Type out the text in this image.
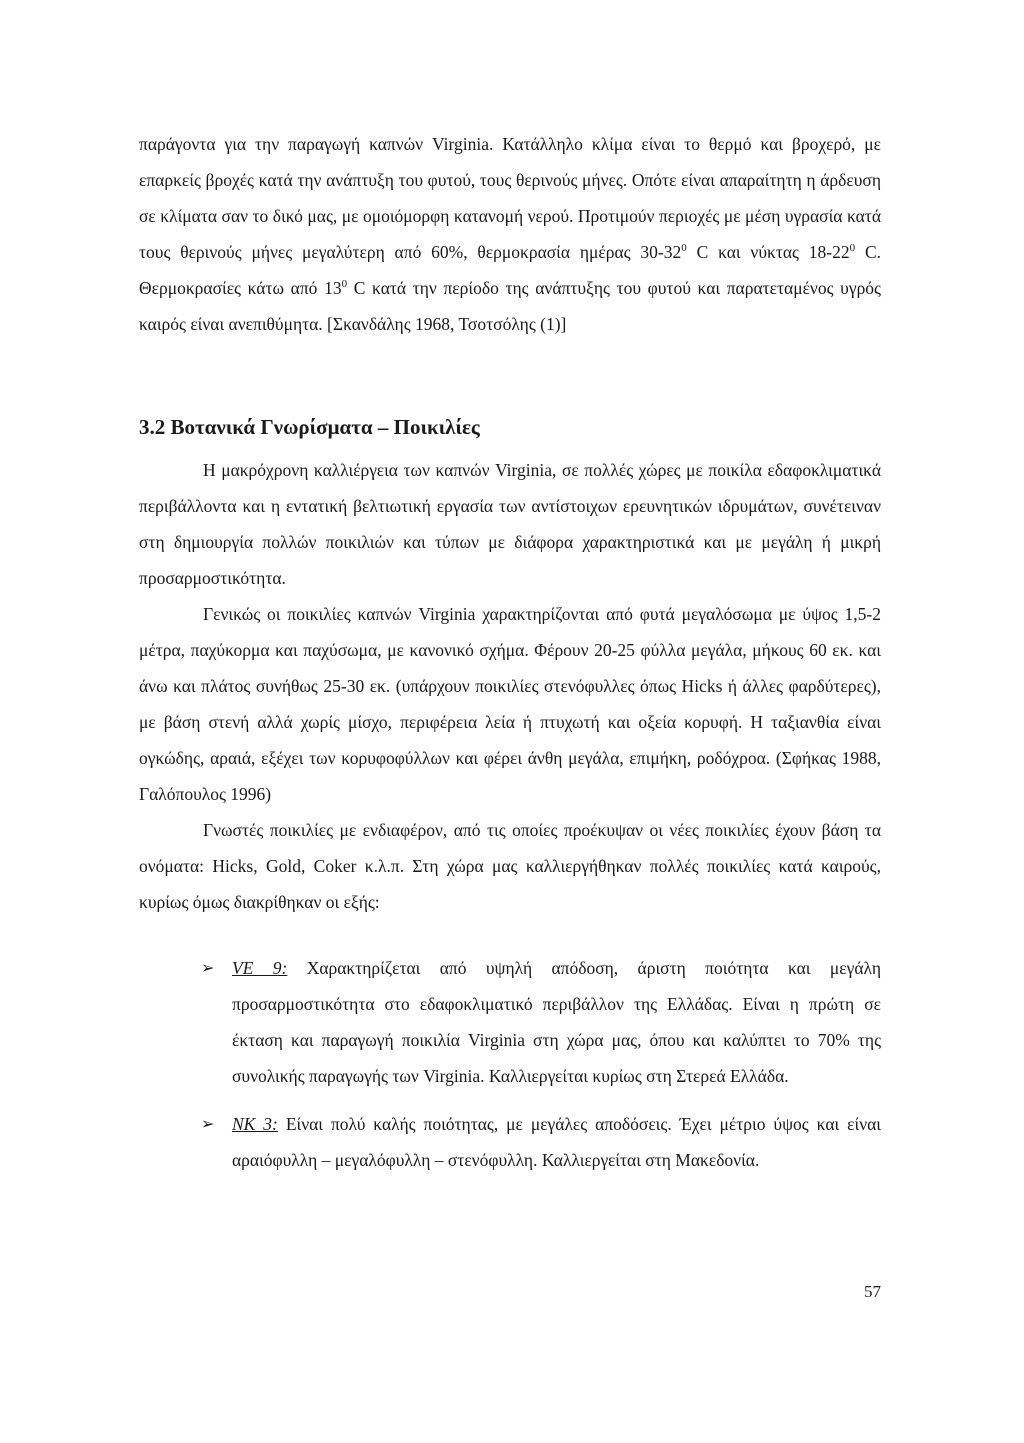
παράγοντα για την παραγωγή καπνών Virginia. Κατάλληλο κλίμα είναι το θερμό και βροχερό, με επαρκείς βροχές κατά την ανάπτυξη του φυτού, τους θερινούς μήνες. Οπότε είναι απαραίτητη η άρδευση σε κλίματα σαν το δικό μας, με ομοιόμορφη κατανομή νερού. Προτιμούν περιοχές με μέση υγρασία κατά τους θερινούς μήνες μεγαλύτερη από 60%, θερμοκρασία ημέρας $30-32^0$ C και νύκτας $18-22^0$ C. Θερμοκρασίες κάτω από $13^0$ C κατά την περίοδο της ανάπτυξης του φυτού και παρατεταμένος υγρός καιρός είναι ανεπιθύμητα. [Σκανδάλης 1968, Τσοτσόλης (1)]
3.2 Βοτανικά Γνωρίσματα – Ποικιλίες

Η μακρόχρονη καλλιέργεια των καπνών Virginia, σε πολλές χώρες με ποικίλα εδαφοκλιματικά περιβάλλοντα και η εντατική βελτιωτική εργασία των αντίστοιχων ερευνητικών ιδρυμάτων, συνέτειναν στη δημιουργία πολλών ποικιλιών και τύπων με διάφορα χαρακτηριστικά και με μεγάλη ή μικρή προσαρμοστικότητα.

Γενικώς οι ποικιλίες καπνών Virginia χαρακτηρίζονται από φυτά μεγαλόσωμα με ύψος 1,5-2 μέτρα, παχύκορμα και παχύσωμα, με κανονικό σχήμα. Φέρουν 20-25 φύλλα μεγάλα, μήκους 60 εκ. και άνω και πλάτος συνήθως 25-30 εκ. (υπάρχουν ποικιλίες στενόφυλλες όπως Hicks ή άλλες φαρδύτερες), με βάση στενή αλλά χωρίς μίσχο, περιφέρεια λεία ή πτυχωτή και οξεία κορυφή. Η ταξιανθία είναι ογκώδης, αραιά, εξέχει των κορυφοφύλλων και φέρει άνθη μεγάλα, επιμήκη, ροδόχροα. (Σφήκας 1988, Γαλόπουλος 1996)

Γνωστές ποικιλίες με ενδιαφέρον, από τις οποίες προέκυψαν οι νέες ποικιλίες έχουν βάση τα ονόματα: Hicks, Gold, Coker κ.λ.π. Στη χώρα μας καλλιεργήθηκαν πολλές ποικιλίες κατά καιρούς, κυρίως όμως διακρίθηκαν οι εξής:

➢ VE 9: Χαρακτηρίζεται από υψηλή απόδοση, άριστη ποιότητα και μεγάλη προσαρμοστικότητα στο εδαφοκλιματικό περιβάλλον της Ελλάδας. Είναι η πρώτη σε έκταση και παραγωγή ποικιλία Virginia στη χώρα μας, όπου και καλύπτει το 70% της συνολικής παραγωγής των Virginia. Καλλιεργείται κυρίως στη Στερεά Ελλάδα.
➢ NK 3: Είναι πολύ καλής ποιότητας, με μεγάλες αποδόσεις. Έχει μέτριο ύψος και είναι αραιόφυλλη – μεγαλόφυλλη – στενόφυλλη. Καλλιεργείται στη Μακεδονία.
57
